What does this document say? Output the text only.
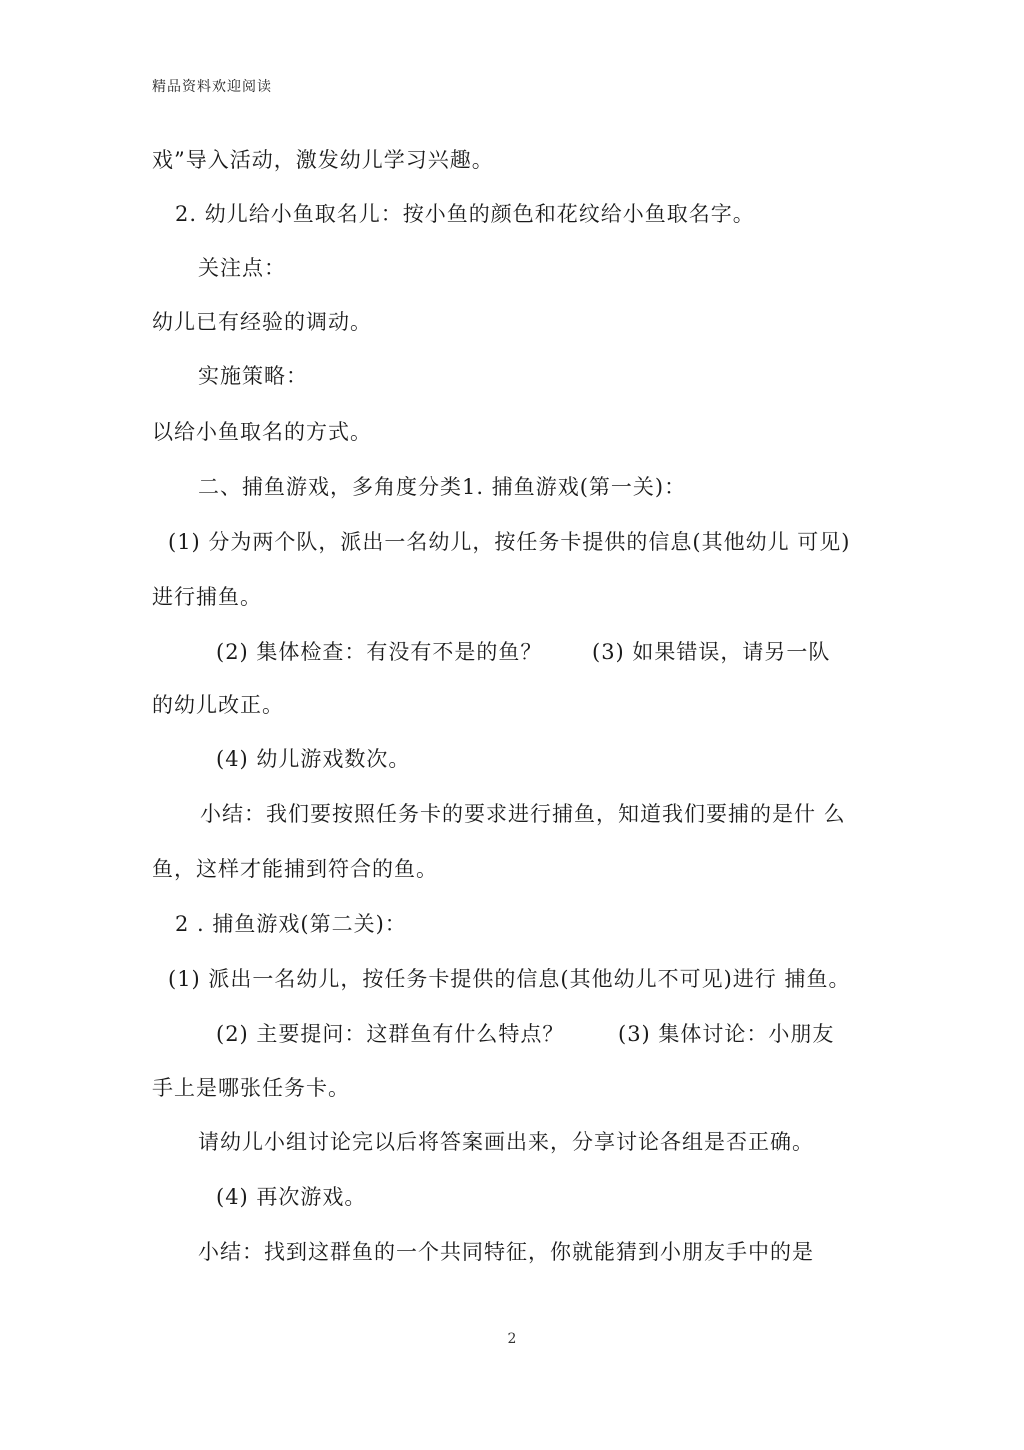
精品资料欢迎阅读
戏”导入活动，激发幼儿学习兴趣。
2. 幼儿给小鱼取名儿：按小鱼的颜色和花纹给小鱼取名字。
关注点：
幼儿已有经验的调动。
实施策略：
以给小鱼取名的方式。
二、捕鱼游戏，多角度分类1. 捕鱼游戏(第一关)：
(1) 分为两个队，派出一名幼儿，按任务卡提供的信息(其他幼儿 可见)
进行捕鱼。
(2) 集体检查：有没有不是的鱼？ (3) 如果错误，请另一队
的幼儿改正。
(4) 幼儿游戏数次。
小结：我们要按照任务卡的要求进行捕鱼，知道我们要捕的是什 么
鱼，这样才能捕到符合的鱼。
2 . 捕鱼游戏(第二关)：
(1) 派出一名幼儿，按任务卡提供的信息(其他幼儿不可见)进行 捕鱼。
(2) 主要提问：这群鱼有什么特点？	(3) 集体讨论：小朋友
手上是哪张任务卡。
请幼儿小组讨论完以后将答案画出来，分享讨论各组是否正确。
(4) 再次游戏。
小结：找到这群鱼的一个共同特征，你就能猜到小朋友手中的是
2
